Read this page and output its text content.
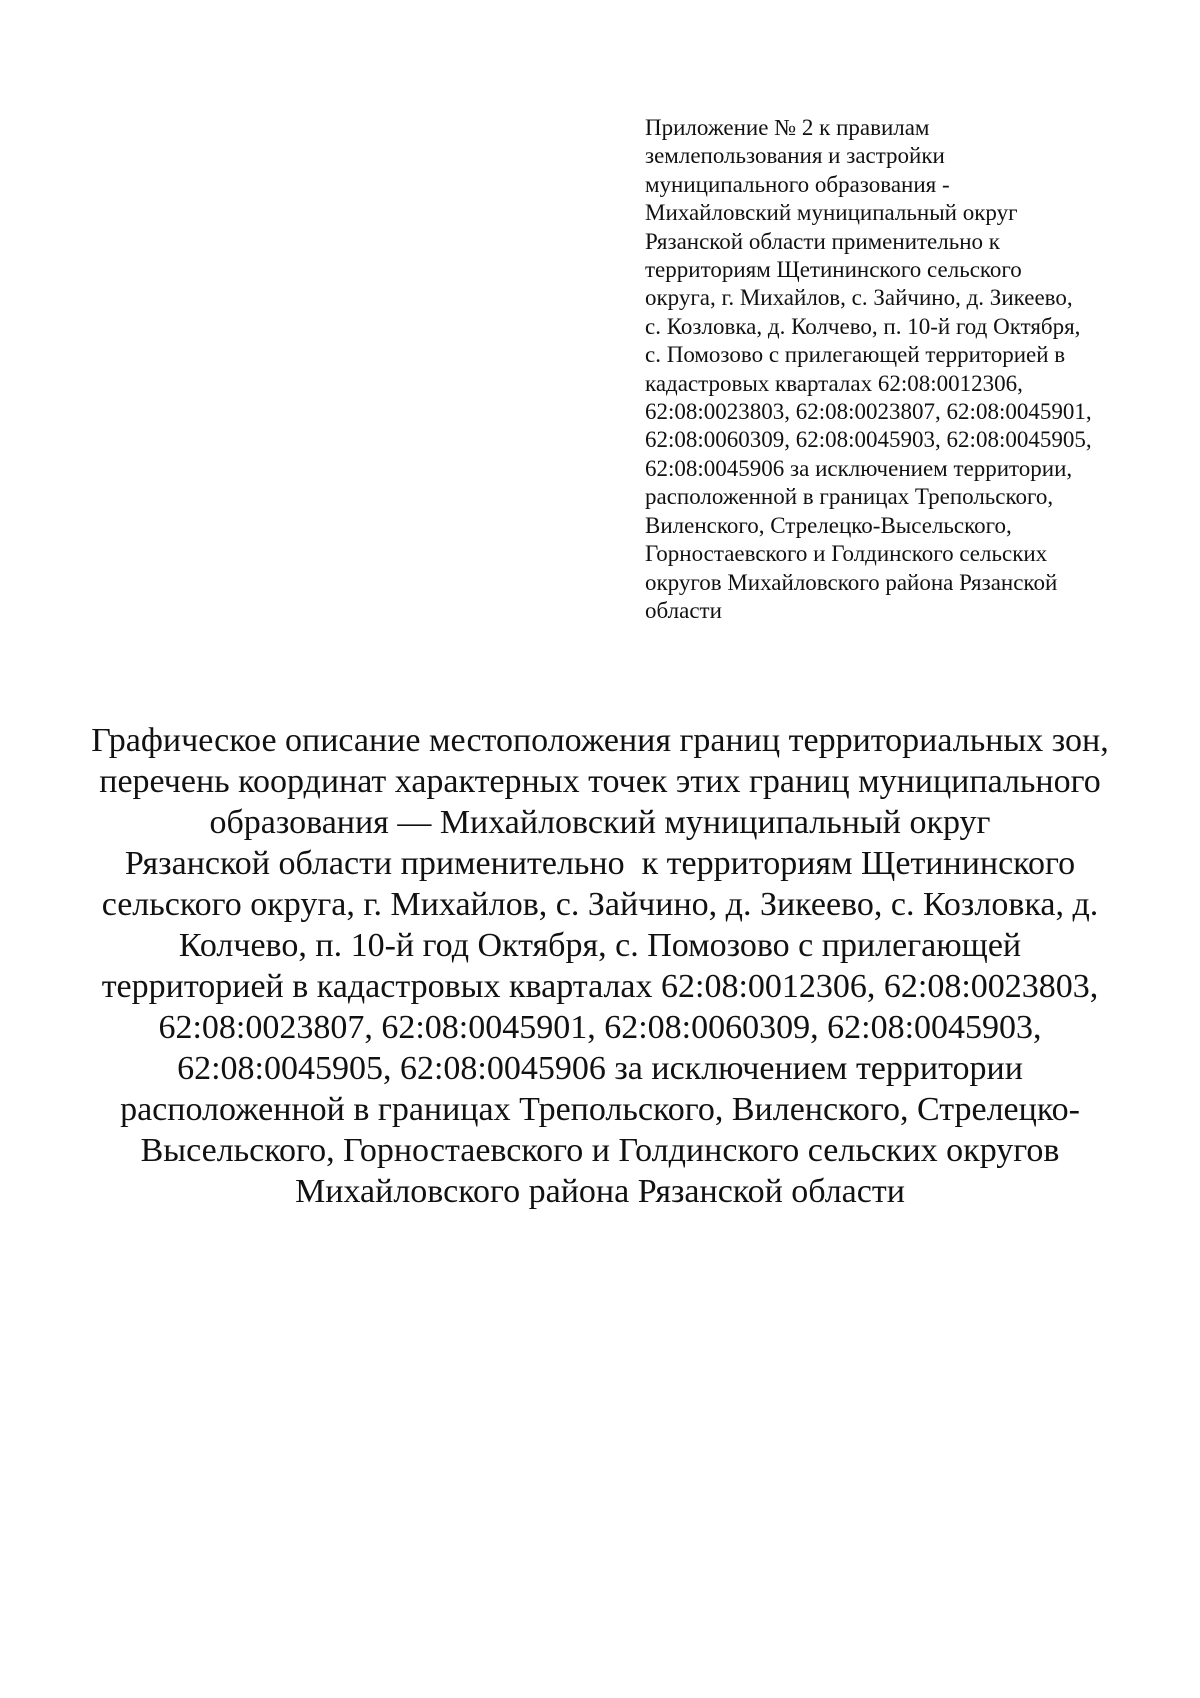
Приложение № 2 к правилам
землепользования и застройки
муниципального образования -
Михайловский муниципальный округ
Рязанской области применительно к
территориям Щетининского сельского
округа, г. Михайлов, с. Зайчино, д. Зикеево,
с. Козловка, д. Колчево, п. 10-й год Октября,
с. Помозово с прилегающей территорией в
кадастровых кварталах 62:08:0012306,
62:08:0023803, 62:08:0023807, 62:08:0045901,
62:08:0060309, 62:08:0045903, 62:08:0045905,
62:08:0045906 за исключением территории,
расположенной в границах Трепольского,
Виленского, Стрелецко-Высельского,
Горностаевского и Голдинского сельских
округов Михайловского района Рязанской
области
Графическое описание местоположения границ территориальных зон,
перечень координат характерных точек этих границ муниципального
образования — Михайловский муниципальный округ
Рязанской области применительно  к территориям Щетининского
сельского округа, г. Михайлов, с. Зайчино, д. Зикеево, с. Козловка, д.
Колчево, п. 10-й год Октября, с. Помозово с прилегающей
территорией в кадастровых кварталах 62:08:0012306, 62:08:0023803,
62:08:0023807, 62:08:0045901, 62:08:0060309, 62:08:0045903,
62:08:0045905, 62:08:0045906 за исключением территории
расположенной в границах Трепольского, Виленского, Стрелецко-
Высельского, Горностаевского и Голдинского сельских округов
Михайловского района Рязанской области
